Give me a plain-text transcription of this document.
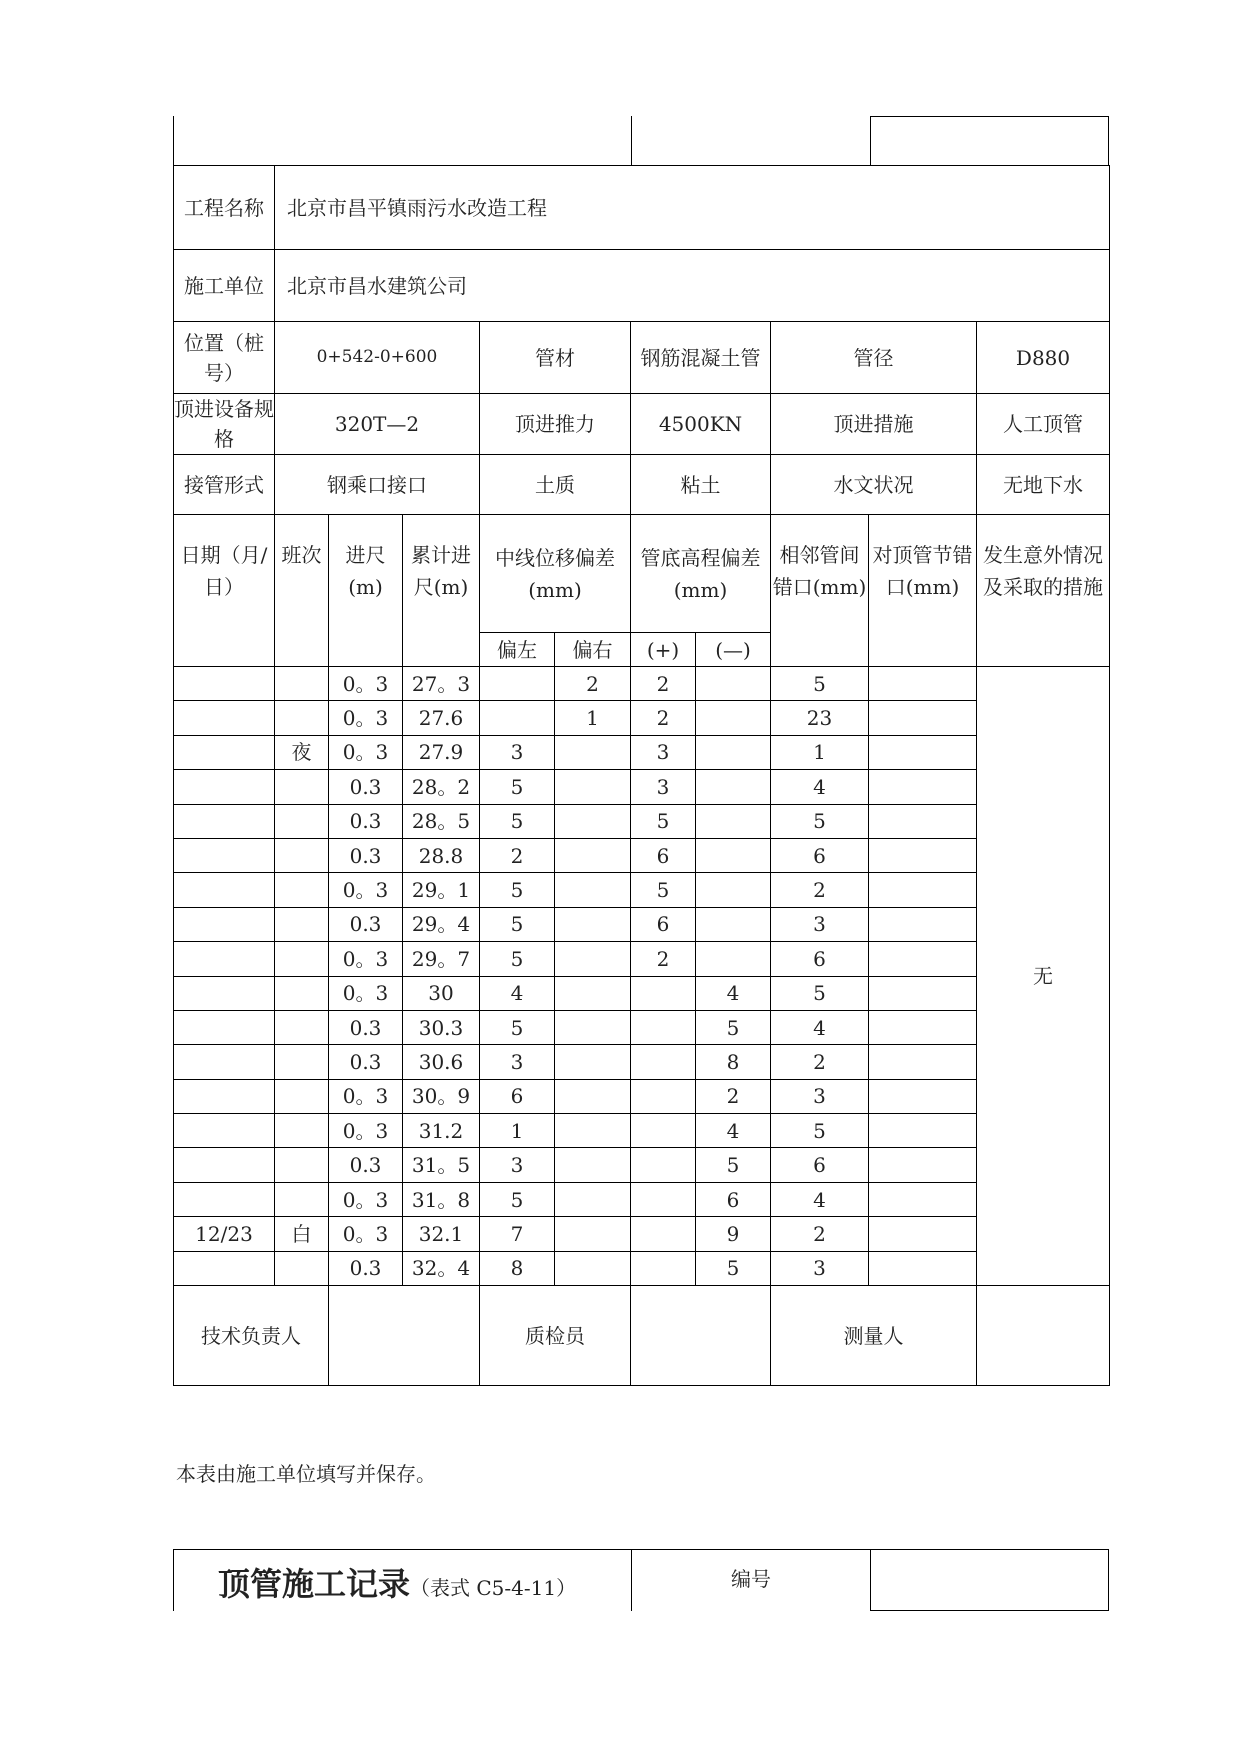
工程名称	北京市昌平镇雨污水改造工程									
施工单位	北京市昌水建筑公司									
位置（桩号）	0+542-0+600			管材		钢筋混凝土管		管径		D880
顶进设备规格	320T—2			顶进推力		4500KN		顶进措施		人工顶管
接管形式	钢乘口接口			土质		粘土		水文状况		无地下水
日期（月/日）	班次	进尺(m)	累计进尺(m)	中线位移偏差 (mm)		管底高程偏差 (mm)		相邻管间错口(mm)	对顶管节错口(mm)	发生意外情况及采取的措施
				偏左	偏右	(+)	(—)			
		0。3	27。3		2	2		5		无
		0。3	27.6		1	2		23		
	夜	0。3	27.9	3		3		1		
		0.3	28。2	5		3		4		
		0.3	28。5	5		5		5		
		0.3	28.8	2		6		6		
		0。3	29。1	5		5		2		
		0.3	29。4	5		6		3		
		0。3	29。7	5		2		6		
		0。3	30	4			4	5		
		0.3	30.3	5			5	4		
		0.3	30.6	3			8	2		
		0。3	30。9	6			2	3		
		0。3	31.2	1			4	5		
		0.3	31。5	3			5	6		
		0。3	31。8	5			6	4		
12/23	白	0。3	32.1	7			9	2		
		0.3	32。4	8			5	3		
技术负责人				质检员				测量人		
本表由施工单位填写并保存。
顶管施工记录（表式 C5-4-11）	编号
